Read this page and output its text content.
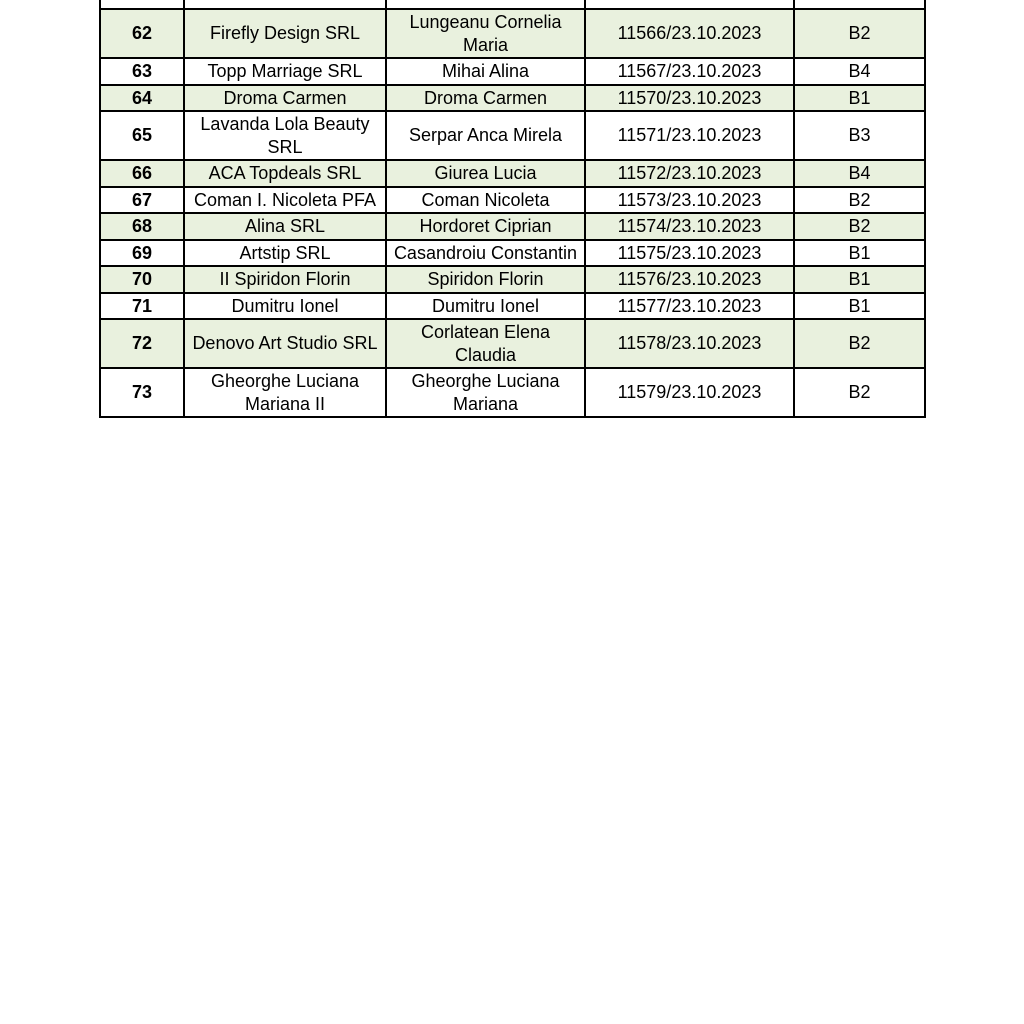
62	Firefly Design SRL	Lungeanu Cornelia Maria	11566/23.10.2023	B2
63	Topp Marriage SRL	Mihai Alina	11567/23.10.2023	B4
64	Droma Carmen	Droma Carmen	11570/23.10.2023	B1
65	Lavanda Lola Beauty SRL	Serpar Anca Mirela	11571/23.10.2023	B3
66	ACA Topdeals SRL	Giurea Lucia	11572/23.10.2023	B4
67	Coman I. Nicoleta PFA	Coman Nicoleta	11573/23.10.2023	B2
68	Alina SRL	Hordoret Ciprian	11574/23.10.2023	B2
69	Artstip SRL	Casandroiu Constantin	11575/23.10.2023	B1
70	II Spiridon Florin	Spiridon Florin	11576/23.10.2023	B1
71	Dumitru Ionel	Dumitru Ionel	11577/23.10.2023	B1
72	Denovo Art Studio SRL	Corlatean Elena Claudia	11578/23.10.2023	B2
73	Gheorghe Luciana Mariana II	Gheorghe Luciana Mariana	11579/23.10.2023	B2
